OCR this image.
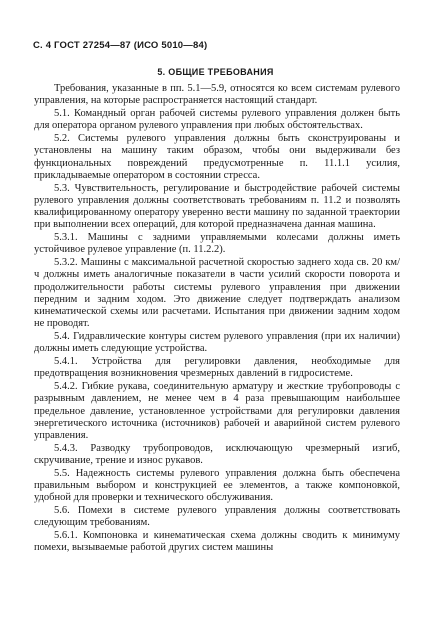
С. 4 ГОСТ 27254—87 (ИСО 5010—84)
5. ОБЩИЕ ТРЕБОВАНИЯ

Требования, указанные в пп. 5.1—5.9, относятся ко всем системам рулевого управления, на которые распространяется настоящий стандарт.

5.1. Командный орган рабочей системы рулевого управления должен быть для оператора органом рулевого управления при любых обстоятельствах.

5.2. Системы рулевого управления должны быть сконструированы и установлены на машину таким образом, чтобы они выдерживали без функциональных повреждений предусмотренные п. 11.1.1 усилия, прикладываемые оператором в состоянии стресса.

5.3. Чувствительность, регулирование и быстродействие рабочей системы рулевого управления должны соответствовать требованиям п. 11.2 и позволять квалифицированному оператору уверенно вести машину по заданной траектории при выполнении всех операций, для которой предназначена данная машина.

5.3.1. Машины с задними управляемыми колесами должны иметь устойчивое рулевое управление (п. 11.2.2).

5.3.2. Машины с максимальной расчетной скоростью заднего хода св. 20 км/ч должны иметь аналогичные показатели в части усилий скорости поворота и продолжительности работы системы рулевого управления при движении передним и задним ходом. Это движение следует подтверждать анализом кинематической схемы или расчетами. Испытания при движении задним ходом не проводят.

5.4. Гидравлические контуры систем рулевого управления (при их наличии) должны иметь следующие устройства.

5.4.1. Устройства для регулировки давления, необходимые для предотвращения возникновения чрезмерных давлений в гидросистеме.

5.4.2. Гибкие рукава, соединительную арматуру и жесткие трубопроводы с разрывным давлением, не менее чем в 4 раза превышающим наибольшее предельное давление, установленное устройствами для регулировки давления энергетического источника (источников) рабочей и аварийной систем рулевого управления.

5.4.3. Разводку трубопроводов, исключающую чрезмерный изгиб, скручивание, трение и износ рукавов.

5.5. Надежность системы рулевого управления должна быть обеспечена правильным выбором и конструкцией ее элементов, а также компоновкой, удобной для проверки и технического обслуживания.

5.6. Помехи в системе рулевого управления должны соответствовать следующим требованиям.

5.6.1. Компоновка и кинематическая схема должны сводить к минимуму помехи, вызываемые работой других систем машины
